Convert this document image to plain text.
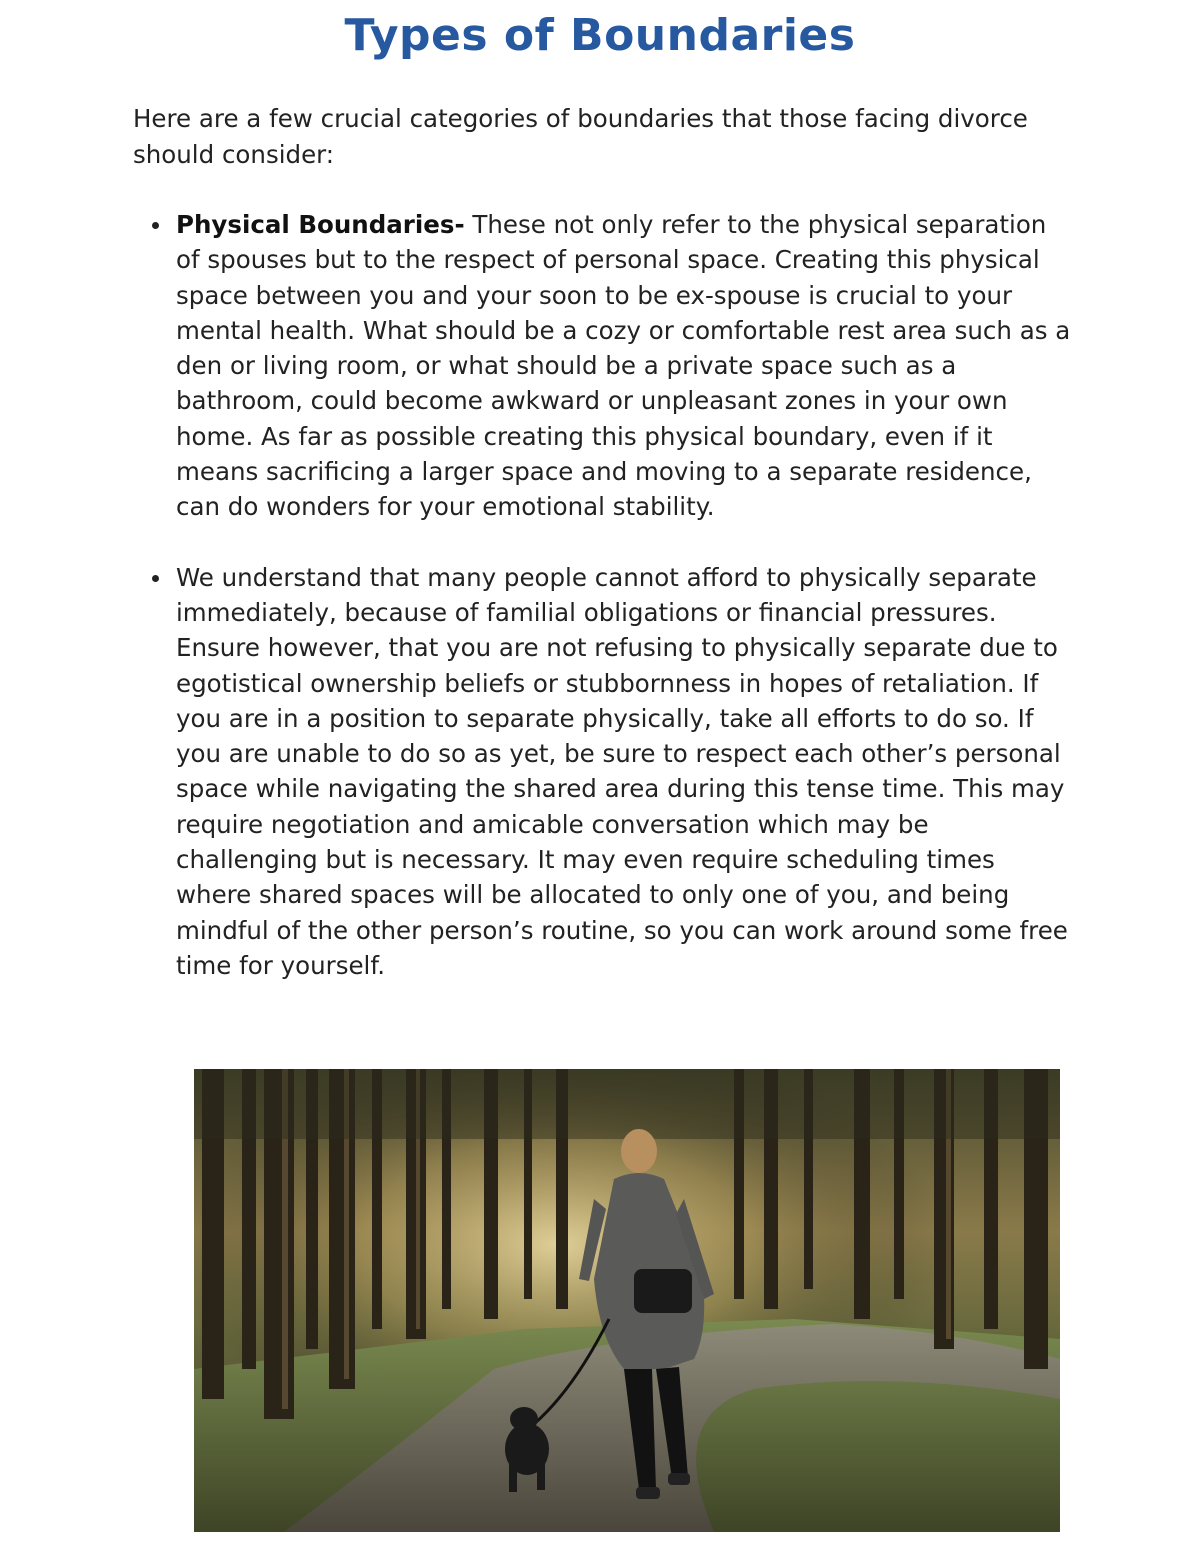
Types of Boundaries

Here are a few crucial categories of boundaries that those facing divorce should consider:

Physical Boundaries- These not only refer to the physical separation of spouses but to the respect of personal space. Creating this physical space between you and your soon to be ex-spouse is crucial to your mental health. What should be a cozy or comfortable rest area such as a den or living room, or what should be a private space such as a bathroom, could become awkward or unpleasant zones in your own home. As far as possible creating this physical boundary, even if it means sacrificing a larger space and moving to a separate residence, can do wonders for your emotional stability.
We understand that many people cannot afford to physically separate immediately, because of familial obligations or financial pressures. Ensure however, that you are not refusing to physically separate due to egotistical ownership beliefs or stubbornness in hopes of retaliation. If you are in a position to separate physically, take all efforts to do so. If you are unable to do so as yet, be sure to respect each other’s personal space while navigating the shared area during this tense time. This may require negotiation and amicable conversation which may be challenging but is necessary. It may even require scheduling times where shared spaces will be allocated to only one of you, and being mindful of the other person’s routine, so you can work around some free time for yourself.
